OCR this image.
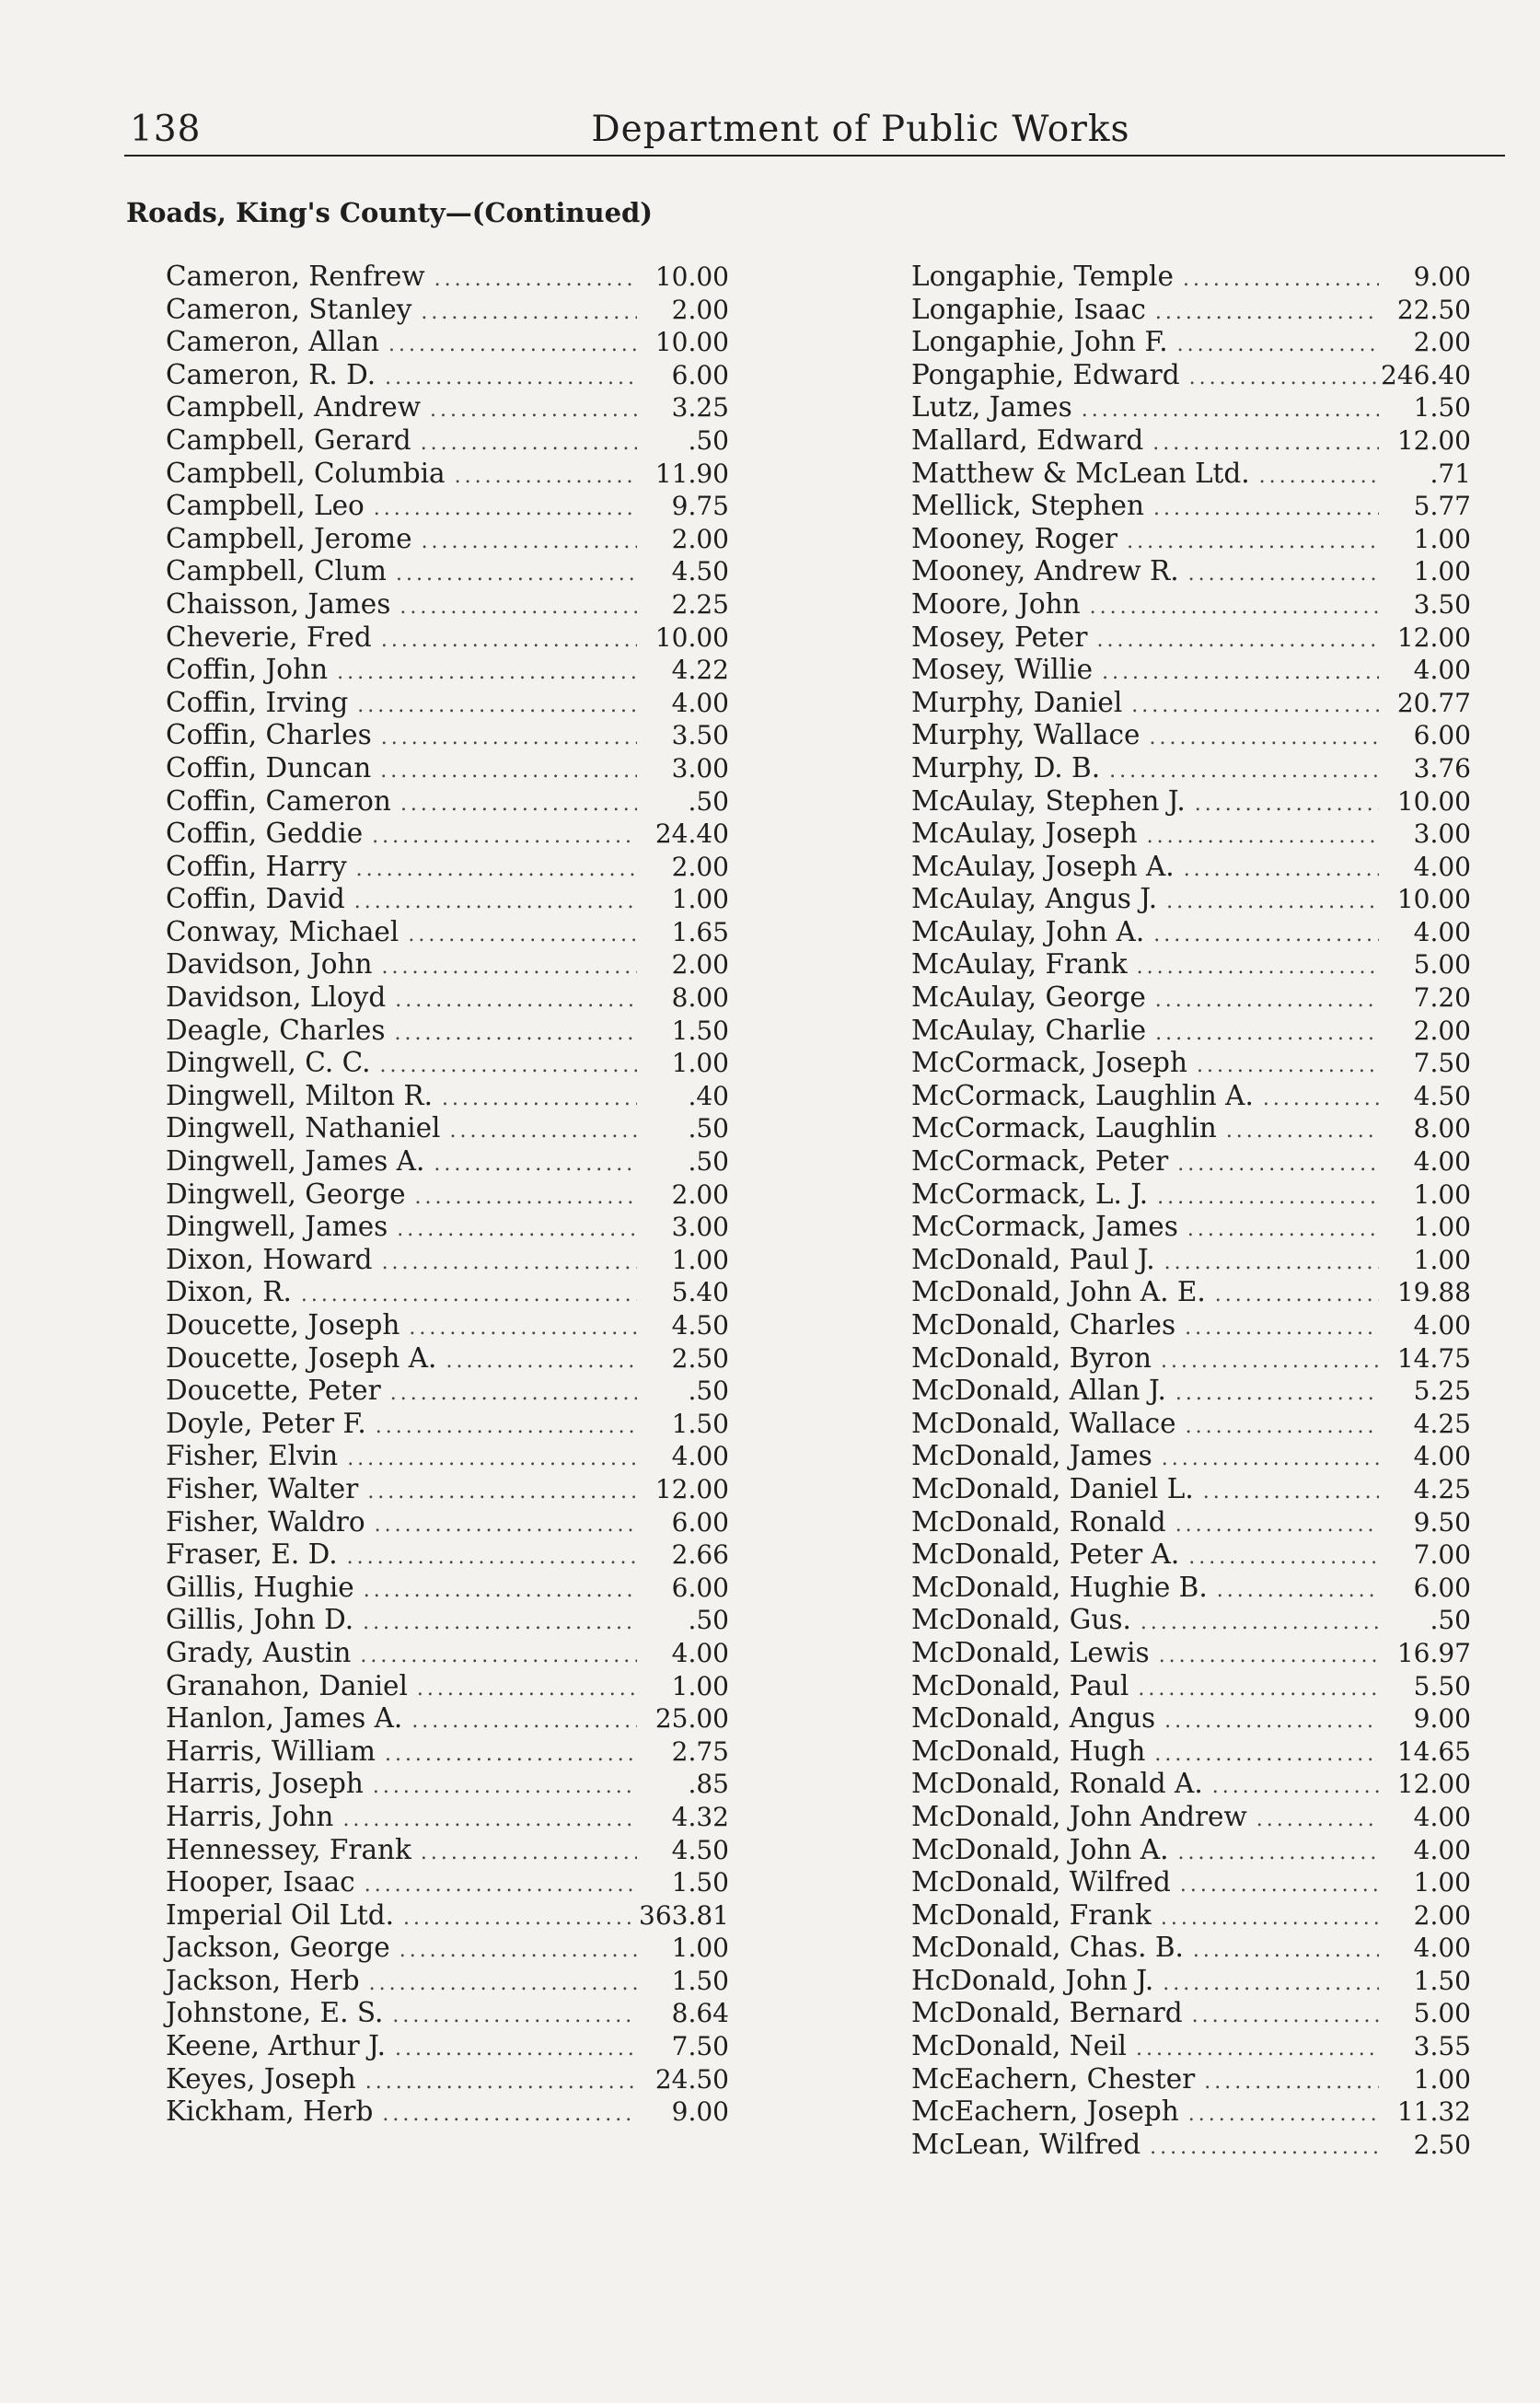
138	Department of Public Works
Roads, King's County—(Continued)
Cameron, Renfrew .....	10.00
Cameron, Stanley .....	2.00
Cameron, Allan .....	10.00
Cameron, R. D. .....	6.00
Campbell, Andrew .....	3.25
Campbell, Gerard .....	.50
Campbell, Columbia .....	11.90
Campbell, Leo .....	9.75
Campbell, Jerome .....	2.00
Campbell, Clum .....	4.50
Chaisson, James .....	2.25
Cheverie, Fred .....	10.00
Coffin, John .....	4.22
Coffin, Irving .....	4.00
Coffin, Charles .....	3.50
Coffin, Duncan .....	3.00
Coffin, Cameron .....	.50
Coffin, Geddie .....	24.40
Coffin, Harry .....	2.00
Coffin, David .....	1.00
Conway, Michael .....	1.65
Davidson, John .....	2.00
Davidson, Lloyd .....	8.00
Deagle, Charles .....	1.50
Dingwell, C. C. .....	1.00
Dingwell, Milton R. .....	.40
Dingwell, Nathaniel .....	.50
Dingwell, James A. .....	.50
Dingwell, George .....	2.00
Dingwell, James .....	3.00
Dixon, Howard .....	1.00
Dixon, R. .....	5.40
Doucette, Joseph .....	4.50
Doucette, Joseph A. .....	2.50
Doucette, Peter .....	.50
Doyle, Peter F. .....	1.50
Fisher, Elvin .....	4.00
Fisher, Walter .....	12.00
Fisher, Waldro .....	6.00
Fraser, E. D. .....	2.66
Gillis, Hughie .....	6.00
Gillis, John D. .....	.50
Grady, Austin .....	4.00
Granahon, Daniel .....	1.00
Hanlon, James A. .....	25.00
Harris, William .....	2.75
Harris, Joseph .....	.85
Harris, John .....	4.32
Hennessey, Frank .....	4.50
Hooper, Isaac .....	1.50
Imperial Oil Ltd. .....	363.81
Jackson, George .....	1.00
Jackson, Herb .....	1.50
Johnstone, E. S. .....	8.64
Keene, Arthur J. .....	7.50
Keyes, Joseph .....	24.50
Kickham, Herb .....	9.00
Longaphie, Temple .....	9.00
Longaphie, Isaac .....	22.50
Longaphie, John F. .....	2.00
Pongaphie, Edward .....	246.40
Lutz, James .....	1.50
Mallard, Edward .....	12.00
Matthew & McLean Ltd. .....	.71
Mellick, Stephen .....	5.77
Mooney, Roger .....	1.00
Mooney, Andrew R. .....	1.00
Moore, John .....	3.50
Mosey, Peter .....	12.00
Mosey, Willie .....	4.00
Murphy, Daniel .....	20.77
Murphy, Wallace .....	6.00
Murphy, D. B. .....	3.76
McAulay, Stephen J. .....	10.00
McAulay, Joseph .....	3.00
McAulay, Joseph A. .....	4.00
McAulay, Angus J. .....	10.00
McAulay, John A. .....	4.00
McAulay, Frank .....	5.00
McAulay, George .....	7.20
McAulay, Charlie .....	2.00
McCormack, Joseph .....	7.50
McCormack, Laughlin A. .....	4.50
McCormack, Laughlin .....	8.00
McCormack, Peter .....	4.00
McCormack, L. J. .....	1.00
McCormack, James .....	1.00
McDonald, Paul J. .....	1.00
McDonald, John A. E. .....	19.88
McDonald, Charles .....	4.00
McDonald, Byron .....	14.75
McDonald, Allan J. .....	5.25
McDonald, Wallace .....	4.25
McDonald, James .....	4.00
McDonald, Daniel L. .....	4.25
McDonald, Ronald .....	9.50
McDonald, Peter A. .....	7.00
McDonald, Hughie B. .....	6.00
McDonald, Gus. .....	.50
McDonald, Lewis .....	16.97
McDonald, Paul .....	5.50
McDonald, Angus .....	9.00
McDonald, Hugh .....	14.65
McDonald, Ronald A. .....	12.00
McDonald, John Andrew .....	4.00
McDonald, John A. .....	4.00
McDonald, Wilfred .....	1.00
McDonald, Frank .....	2.00
McDonald, Chas. B. .....	4.00
HcDonald, John J. .....	1.50
McDonald, Bernard .....	5.00
McDonald, Neil .....	3.55
McEachern, Chester .....	1.00
McEachern, Joseph .....	11.32
McLean, Wilfred .....	2.50
